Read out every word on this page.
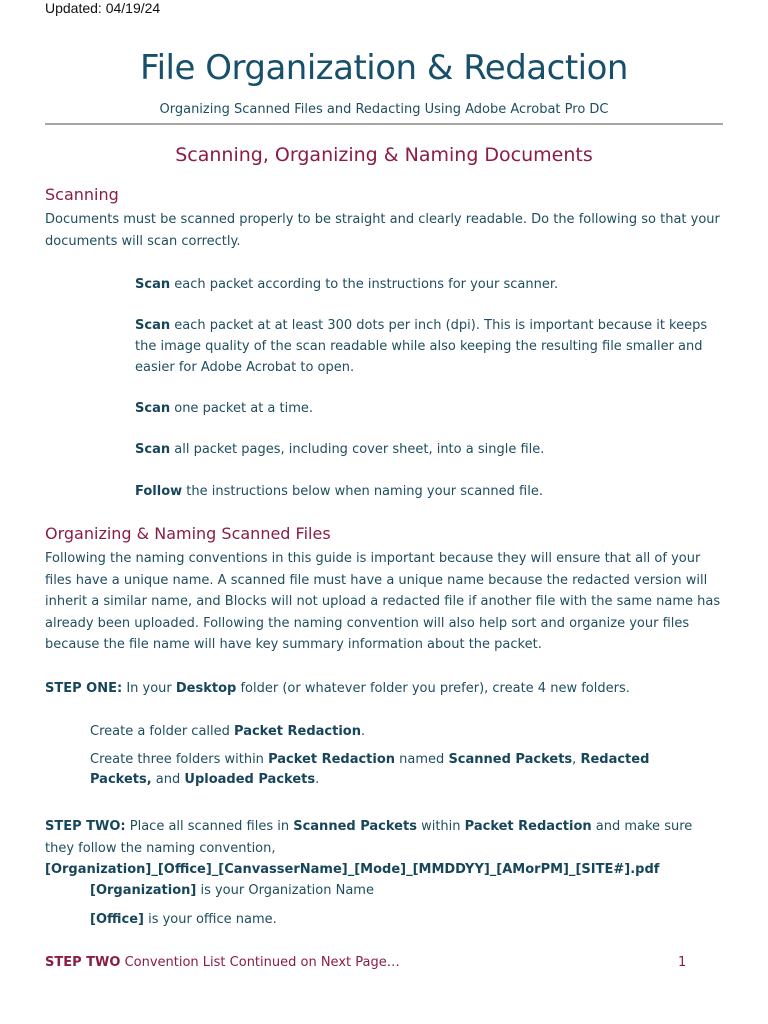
Updated: 04/19/24
File Organization & Redaction
Organizing Scanned Files and Redacting Using Adobe Acrobat Pro DC
Scanning, Organizing & Naming Documents
Scanning
Documents must be scanned properly to be straight and clearly readable. Do the following so that your documents will scan correctly.
Scan each packet according to the instructions for your scanner.
Scan each packet at at least 300 dots per inch (dpi). This is important because it keeps the image quality of the scan readable while also keeping the resulting file smaller and easier for Adobe Acrobat to open.
Scan one packet at a time.
Scan all packet pages, including cover sheet, into a single file.
Follow the instructions below when naming your scanned file.
Organizing & Naming Scanned Files
Following the naming conventions in this guide is important because they will ensure that all of your files have a unique name. A scanned file must have a unique name because the redacted version will inherit a similar name, and Blocks will not upload a redacted file if another file with the same name has already been uploaded. Following the naming convention will also help sort and organize your files because the file name will have key summary information about the packet.
STEP ONE: In your Desktop folder (or whatever folder you prefer), create 4 new folders.
Create a folder called Packet Redaction.
Create three folders within Packet Redaction named Scanned Packets, Redacted Packets, and Uploaded Packets.
STEP TWO: Place all scanned files in Scanned Packets within Packet Redaction and make sure they follow the naming convention, [Organization]_[Office]_[CanvasserName]_[Mode]_[MMDDYY]_[AMorPM]_[SITE#].pdf
[Organization] is your Organization Name
[Office] is your office name.
STEP TWO Convention List Continued on Next Page…	1
